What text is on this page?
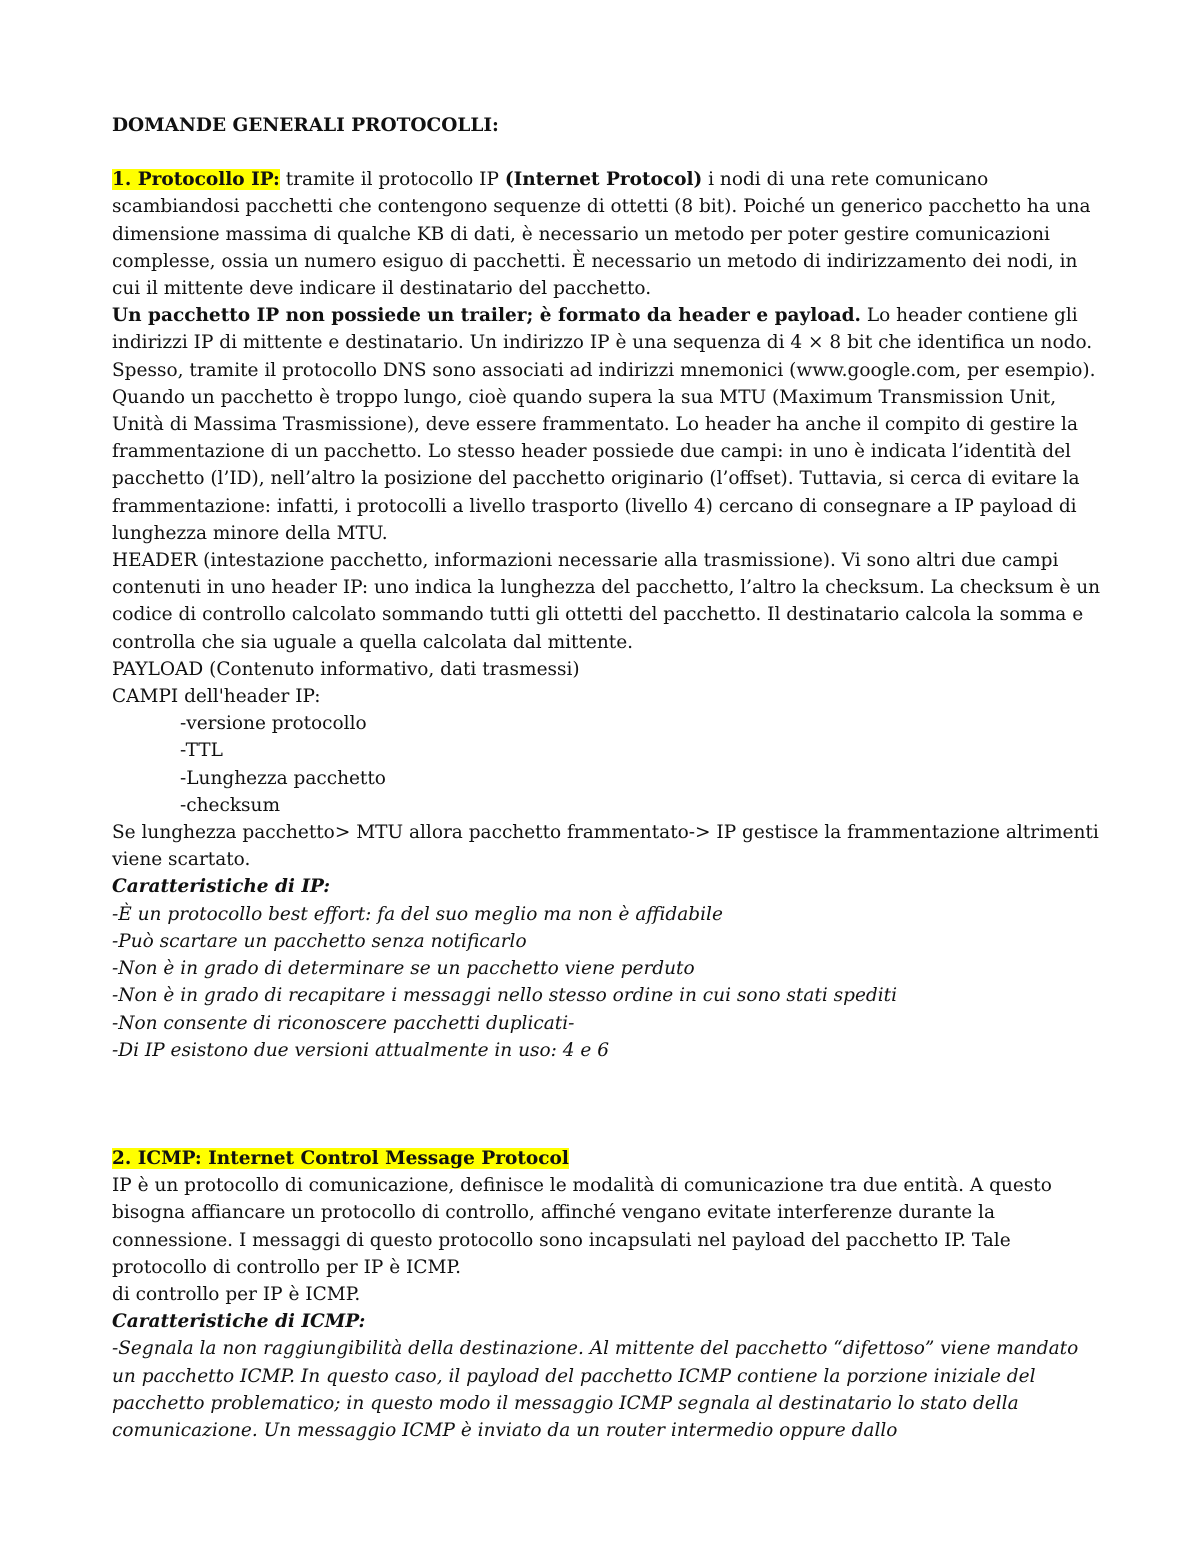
DOMANDE GENERALI PROTOCOLLI:

1. Protocollo IP: tramite il protocollo IP (Internet Protocol) i nodi di una rete comunicano scambiandosi pacchetti che contengono sequenze di ottetti (8 bit). Poiché un generico pacchetto ha una dimensione massima di qualche KB di dati, è necessario un metodo per poter gestire comunicazioni complesse, ossia un numero esiguo di pacchetti. È necessario un metodo di indirizzamento dei nodi, in cui il mittente deve indicare il destinatario del pacchetto.

Un pacchetto IP non possiede un trailer; è formato da header e payload. Lo header contiene gli indirizzi IP di mittente e destinatario. Un indirizzo IP è una sequenza di 4 × 8 bit che identifica un nodo. Spesso, tramite il protocollo DNS sono associati ad indirizzi mnemonici (www.google.com, per esempio). Quando un pacchetto è troppo lungo, cioè quando supera la sua MTU (Maximum Transmission Unit, Unità di Massima Trasmissione), deve essere frammentato. Lo header ha anche il compito di gestire la frammentazione di un pacchetto. Lo stesso header possiede due campi: in uno è indicata l’identità del pacchetto (l’ID), nell’altro la posizione del pacchetto originario (l’offset). Tuttavia, si cerca di evitare la frammentazione: infatti, i protocolli a livello trasporto (livello 4) cercano di consegnare a IP payload di lunghezza minore della MTU.

HEADER (intestazione pacchetto, informazioni necessarie alla trasmissione). Vi sono altri due campi contenuti in uno header IP: uno indica la lunghezza del pacchetto, l’altro la checksum. La checksum è un codice di controllo calcolato sommando tutti gli ottetti del pacchetto. Il destinatario calcola la somma e controlla che sia uguale a quella calcolata dal mittente.

PAYLOAD (Contenuto informativo, dati trasmessi)

CAMPI dell'header IP:

-versione protocollo

-TTL

-Lunghezza pacchetto

-checksum

Se lunghezza pacchetto> MTU allora pacchetto frammentato-> IP gestisce la frammentazione altrimenti viene scartato.

Caratteristiche di IP:

-È un protocollo best effort: fa del suo meglio ma non è affidabile

-Può scartare un pacchetto senza notificarlo

-Non è in grado di determinare se un pacchetto viene perduto

-Non è in grado di recapitare i messaggi nello stesso ordine in cui sono stati spediti

-Non consente di riconoscere pacchetti duplicati-

-Di IP esistono due versioni attualmente in uso: 4 e 6

2. ICMP: Internet Control Message Protocol

IP è un protocollo di comunicazione, definisce le modalità di comunicazione tra due entità. A questo bisogna affiancare un protocollo di controllo, affinché vengano evitate interferenze durante la connessione. I messaggi di questo protocollo sono incapsulati nel payload del pacchetto IP. Tale protocollo di controllo per IP è ICMP.

di controllo per IP è ICMP.

Caratteristiche di ICMP:

-Segnala la non raggiungibilità della destinazione. Al mittente del pacchetto “difettoso” viene mandato un pacchetto ICMP. In questo caso, il payload del pacchetto ICMP contiene la porzione iniziale del pacchetto problematico; in questo modo il messaggio ICMP segnala al destinatario lo stato della comunicazione. Un messaggio ICMP è inviato da un router intermedio oppure dallo
